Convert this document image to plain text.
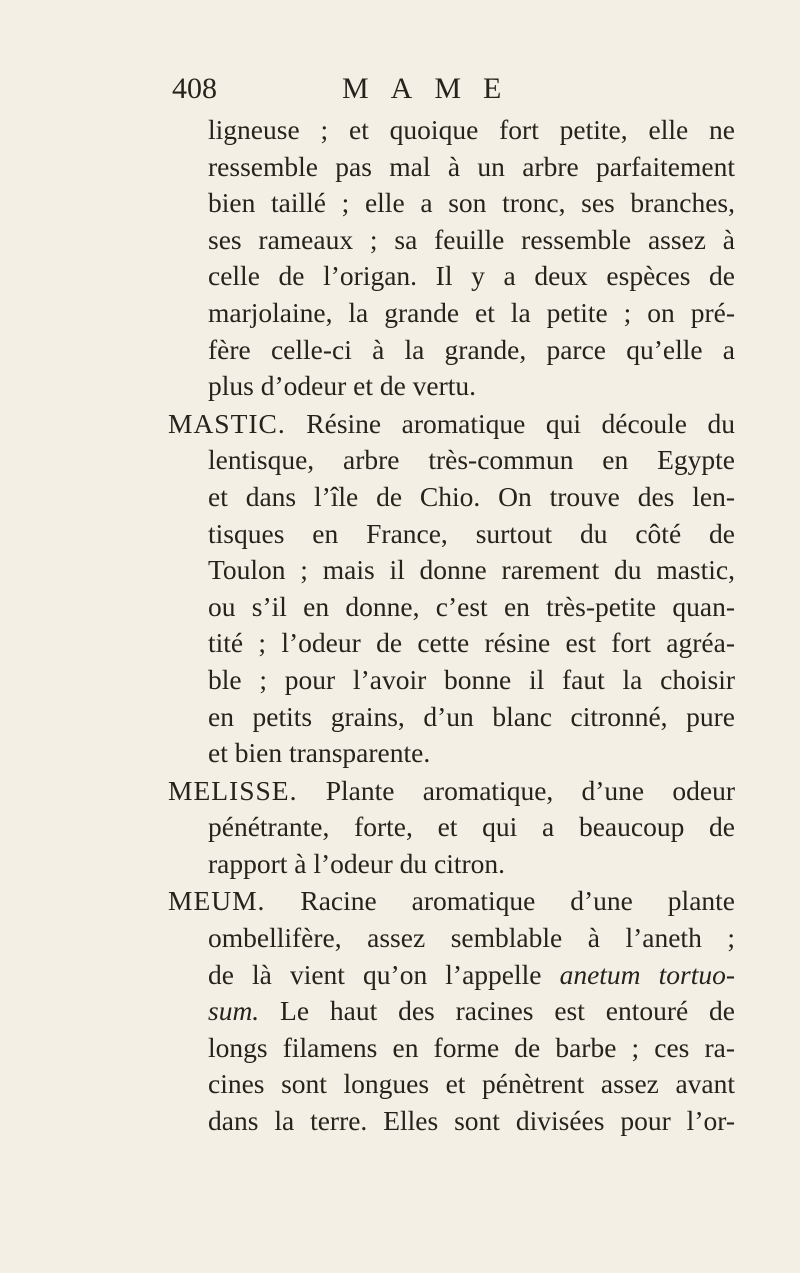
408	MAME
ligneuse ; et quoique fort petite, elle ne
ressemble pas mal à un arbre parfaitement
bien taillé ; elle a son tronc, ses branches,
ses rameaux ; sa feuille ressemble assez à
celle de l’origan. Il y a deux espèces de
marjolaine, la grande et la petite ; on pré-
fère celle-ci à la grande, parce qu’elle a
plus d’odeur et de vertu.
MASTIC. Résine aromatique qui découle du
lentisque, arbre très-commun en Egypte
et dans l’île de Chio. On trouve des len-
tisques en France, surtout du côté de
Toulon ; mais il donne rarement du mastic,
ou s’il en donne, c’est en très-petite quan-
tité ; l’odeur de cette résine est fort agréa-
ble ; pour l’avoir bonne il faut la choisir
en petits grains, d’un blanc citronné, pure
et bien transparente.
MELISSE. Plante aromatique, d’une odeur
pénétrante, forte, et qui a beaucoup de
rapport à l’odeur du citron.
MEUM. Racine aromatique d’une plante
ombellifère, assez semblable à l’aneth ;
de là vient qu’on l’appelle anetum tortuo-
sum. Le haut des racines est entouré de
longs filamens en forme de barbe ; ces ra-
cines sont longues et pénètrent assez avant
dans la terre. Elles sont divisées pour l’or-
